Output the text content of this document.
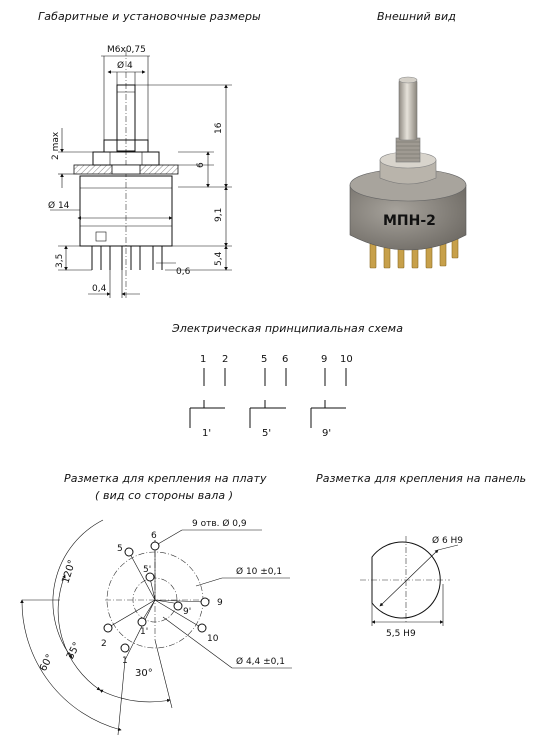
Габаритные и установочные размеры	Внешний вид
Электрическая принципиальная схема
Разметка для крепления на плату
( вид со стороны вала )
Разметка для крепления на панель
М6х0,75
Ø 4
16
6
9,1
5,4
2 max
Ø 14
3,5
0,6
0,4
МПН-2
1 2
1'
5 6
5'
9 10
9'
5
6
9
10
1
2
9'
1'
5'
9 отв. Ø 0,9
Ø 10 ±0,1
Ø 4,4 ±0,1
120°
35°
60°
30°
Ø 6 Н9
5,5 Н9
